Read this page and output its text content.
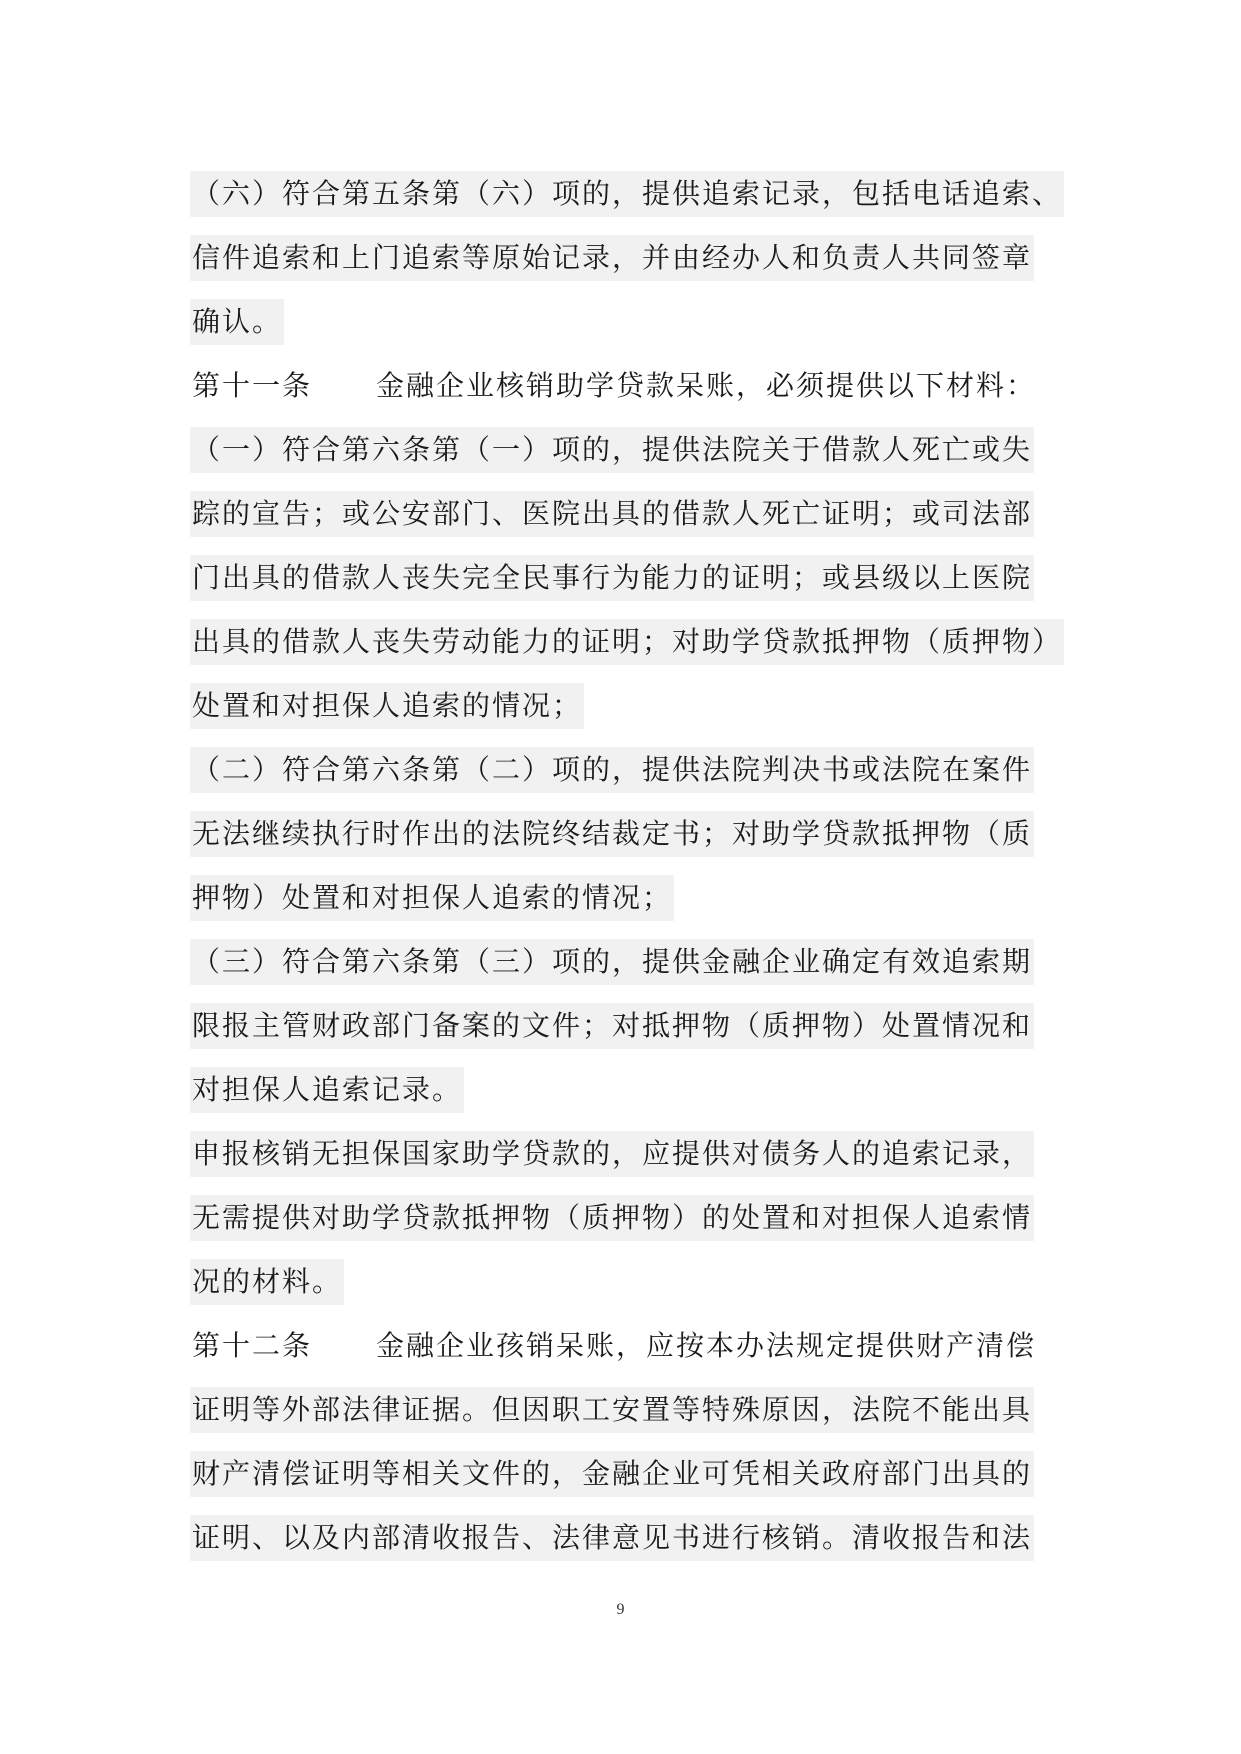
（六）符合第五条第（六）项的，提供追索记录，包括电话追索、
信件追索和上门追索等原始记录，并由经办人和负责人共同签章
确认。
第十一条 金融企业核销助学贷款呆账，必须提供以下材料：
（一）符合第六条第（一）项的，提供法院关于借款人死亡或失
踪的宣告；或公安部门、医院出具的借款人死亡证明；或司法部
门出具的借款人丧失完全民事行为能力的证明；或县级以上医院
出具的借款人丧失劳动能力的证明；对助学贷款抵押物（质押物）
处置和对担保人追索的情况；
（二）符合第六条第（二）项的，提供法院判决书或法院在案件
无法继续执行时作出的法院终结裁定书；对助学贷款抵押物（质
押物）处置和对担保人追索的情况；
（三）符合第六条第（三）项的，提供金融企业确定有效追索期
限报主管财政部门备案的文件；对抵押物（质押物）处置情况和
对担保人追索记录。
申报核销无担保国家助学贷款的，应提供对债务人的追索记录，
无需提供对助学贷款抵押物（质押物）的处置和对担保人追索情
况的材料。
第十二条 金融企业孩销呆账，应按本办法规定提供财产清偿
证明等外部法律证据。但因职工安置等特殊原因，法院不能出具
财产清偿证明等相关文件的，金融企业可凭相关政府部门出具的
证明、以及内部清收报告、法律意见书进行核销。清收报告和法
9
